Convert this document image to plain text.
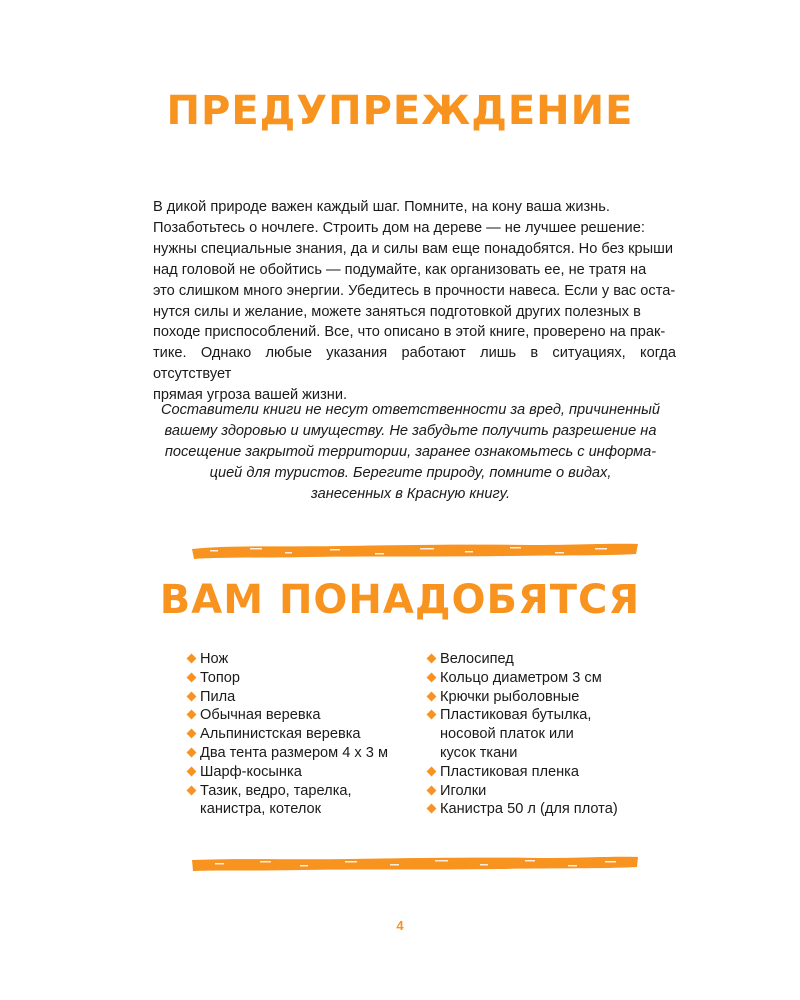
ПРЕДУПРЕЖДЕНИЕ

В дикой природе важен каждый шаг. Помните, на кону ваша жизнь.
Позаботьтесь о ночлеге. Строить дом на дереве — не лучшее решение:
нужны специальные знания, да и силы вам еще понадобятся. Но без крыши
над головой не обойтись — подумайте, как организовать ее, не тратя на
это слишком много энергии. Убедитесь в прочности навеса. Если у вас оста-
нутся силы и желание, можете заняться подготовкой других полезных в
походе приспособлений. Все, что описано в этой книге, проверено на прак-
тике. Однако любые указания работают лишь в ситуациях, когда отсутствует
прямая угроза вашей жизни.

Составители книги не несут ответственности за вред, причиненный
вашему здоровью и имуществу. Не забудьте получить разрешение на
посещение закрытой территории, заранее ознакомьтесь с информа-
цией для туристов. Берегите природу, помните о видах,
занесенных в Красную книгу.

ВАМ ПОНАДОБЯТСЯ
Нож
Топор
Пила
Обычная веревка
Альпинистская веревка
Два тента размером 4 х 3 м
Шарф-косынка
Тазик, ведро, тарелка,
канистра, котелок
Велосипед
Кольцо диаметром 3 см
Крючки рыболовные
Пластиковая бутылка,
носовой платок или
кусок ткани
Пластиковая пленка
Иголки
Канистра 50 л (для плота)
4
